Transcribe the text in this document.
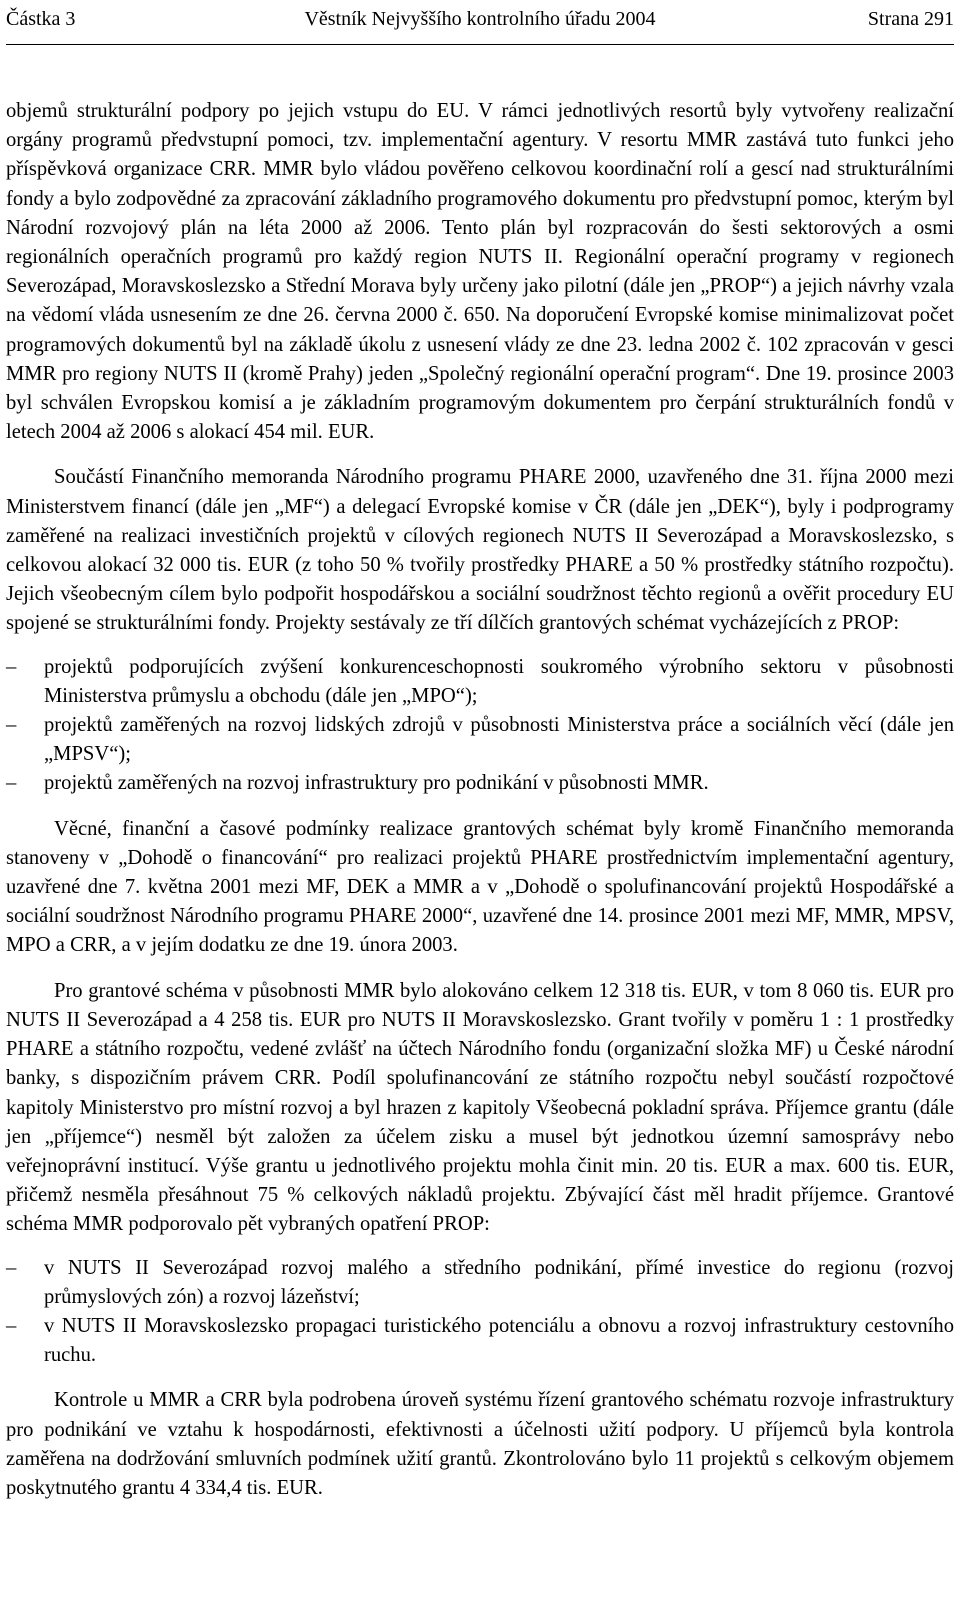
Částka 3	Věstník Nejvyššího kontrolního úřadu 2004	Strana 291

objemů strukturální podpory po jejich vstupu do EU. V rámci jednotlivých resortů byly vytvořeny realizační orgány programů předvstupní pomoci, tzv. implementační agentury. V resortu MMR zastává tuto funkci jeho příspěvková organizace CRR. MMR bylo vládou pověřeno celkovou koordinační rolí a gescí nad strukturálními fondy a bylo zodpovědné za zpracování základního programového dokumentu pro předvstupní pomoc, kterým byl Národní rozvojový plán na léta 2000 až 2006. Tento plán byl rozpracován do šesti sektorových a osmi regionálních operačních programů pro každý region NUTS II. Regionální operační programy v regionech Severozápad, Moravskoslezsko a Střední Morava byly určeny jako pilotní (dále jen „PROP“) a jejich návrhy vzala na vědomí vláda usnesením ze dne 26. června 2000 č. 650. Na doporučení Evropské komise minimalizovat počet programových dokumentů byl na základě úkolu z usnesení vlády ze dne 23. ledna 2002 č. 102 zpracován v gesci MMR pro regiony NUTS II (kromě Prahy) jeden „Společný regionální operační program“. Dne 19. prosince 2003 byl schválen Evropskou komisí a je základním programovým dokumentem pro čerpání strukturálních fondů v letech 2004 až 2006 s alokací 454 mil. EUR.

Součástí Finančního memoranda Národního programu PHARE 2000, uzavřeného dne 31. října 2000 mezi Ministerstvem financí (dále jen „MF“) a delegací Evropské komise v ČR (dále jen „DEK“), byly i podprogramy zaměřené na realizaci investičních projektů v cílových regionech NUTS II Severozápad a Moravskoslezsko, s celkovou alokací 32 000 tis. EUR (z toho 50 % tvořily prostředky PHARE a 50 % prostředky státního rozpočtu). Jejich všeobecným cílem bylo podpořit hospodářskou a sociální soudržnost těchto regionů a ověřit procedury EU spojené se strukturálními fondy. Projekty sestávaly ze tří dílčích grantových schémat vycházejících z PROP:

– projektů podporujících zvýšení konkurenceschopnosti soukromého výrobního sektoru v působnosti Ministerstva průmyslu a obchodu (dále jen „MPO“);
– projektů zaměřených na rozvoj lidských zdrojů v působnosti Ministerstva práce a sociálních věcí (dále jen „MPSV“);
– projektů zaměřených na rozvoj infrastruktury pro podnikání v působnosti MMR.

Věcné, finanční a časové podmínky realizace grantových schémat byly kromě Finančního memoranda stanoveny v „Dohodě o financování“ pro realizaci projektů PHARE prostřednictvím implementační agentury, uzavřené dne 7. května 2001 mezi MF, DEK a MMR a v „Dohodě o spolufinancování projektů Hospodářské a sociální soudržnost Národního programu PHARE 2000“, uzavřené dne 14. prosince 2001 mezi MF, MMR, MPSV, MPO a CRR, a v jejím dodatku ze dne 19. února 2003.

Pro grantové schéma v působnosti MMR bylo alokováno celkem 12 318 tis. EUR, v tom 8 060 tis. EUR pro NUTS II Severozápad a 4 258 tis. EUR pro NUTS II Moravskoslezsko. Grant tvořily v poměru 1 : 1 prostředky PHARE a státního rozpočtu, vedené zvlášť na účtech Národního fondu (organizační složka MF) u České národní banky, s dispozičním právem CRR. Podíl spolufinancování ze státního rozpočtu nebyl součástí rozpočtové kapitoly Ministerstvo pro místní rozvoj a byl hrazen z kapitoly Všeobecná pokladní správa. Příjemce grantu (dále jen „příjemce“) nesměl být založen za účelem zisku a musel být jednotkou územní samosprávy nebo veřejnoprávní institucí. Výše grantu u jednotlivého projektu mohla činit min. 20 tis. EUR a max. 600 tis. EUR, přičemž nesměla přesáhnout 75 % celkových nákladů projektu. Zbývající část měl hradit příjemce. Grantové schéma MMR podporovalo pět vybraných opatření PROP:

– v NUTS II Severozápad rozvoj malého a středního podnikání, přímé investice do regionu (rozvoj průmyslových zón) a rozvoj lázeňství;
– v NUTS II Moravskoslezsko propagaci turistického potenciálu a obnovu a rozvoj infrastruktury cestovního ruchu.

Kontrole u MMR a CRR byla podrobena úroveň systému řízení grantového schématu rozvoje infrastruktury pro podnikání ve vztahu k hospodárnosti, efektivnosti a účelnosti užití podpory. U příjemců byla kontrola zaměřena na dodržování smluvních podmínek užití grantů. Zkontrolováno bylo 11 projektů s celkovým objemem poskytnutého grantu 4 334,4 tis. EUR.
